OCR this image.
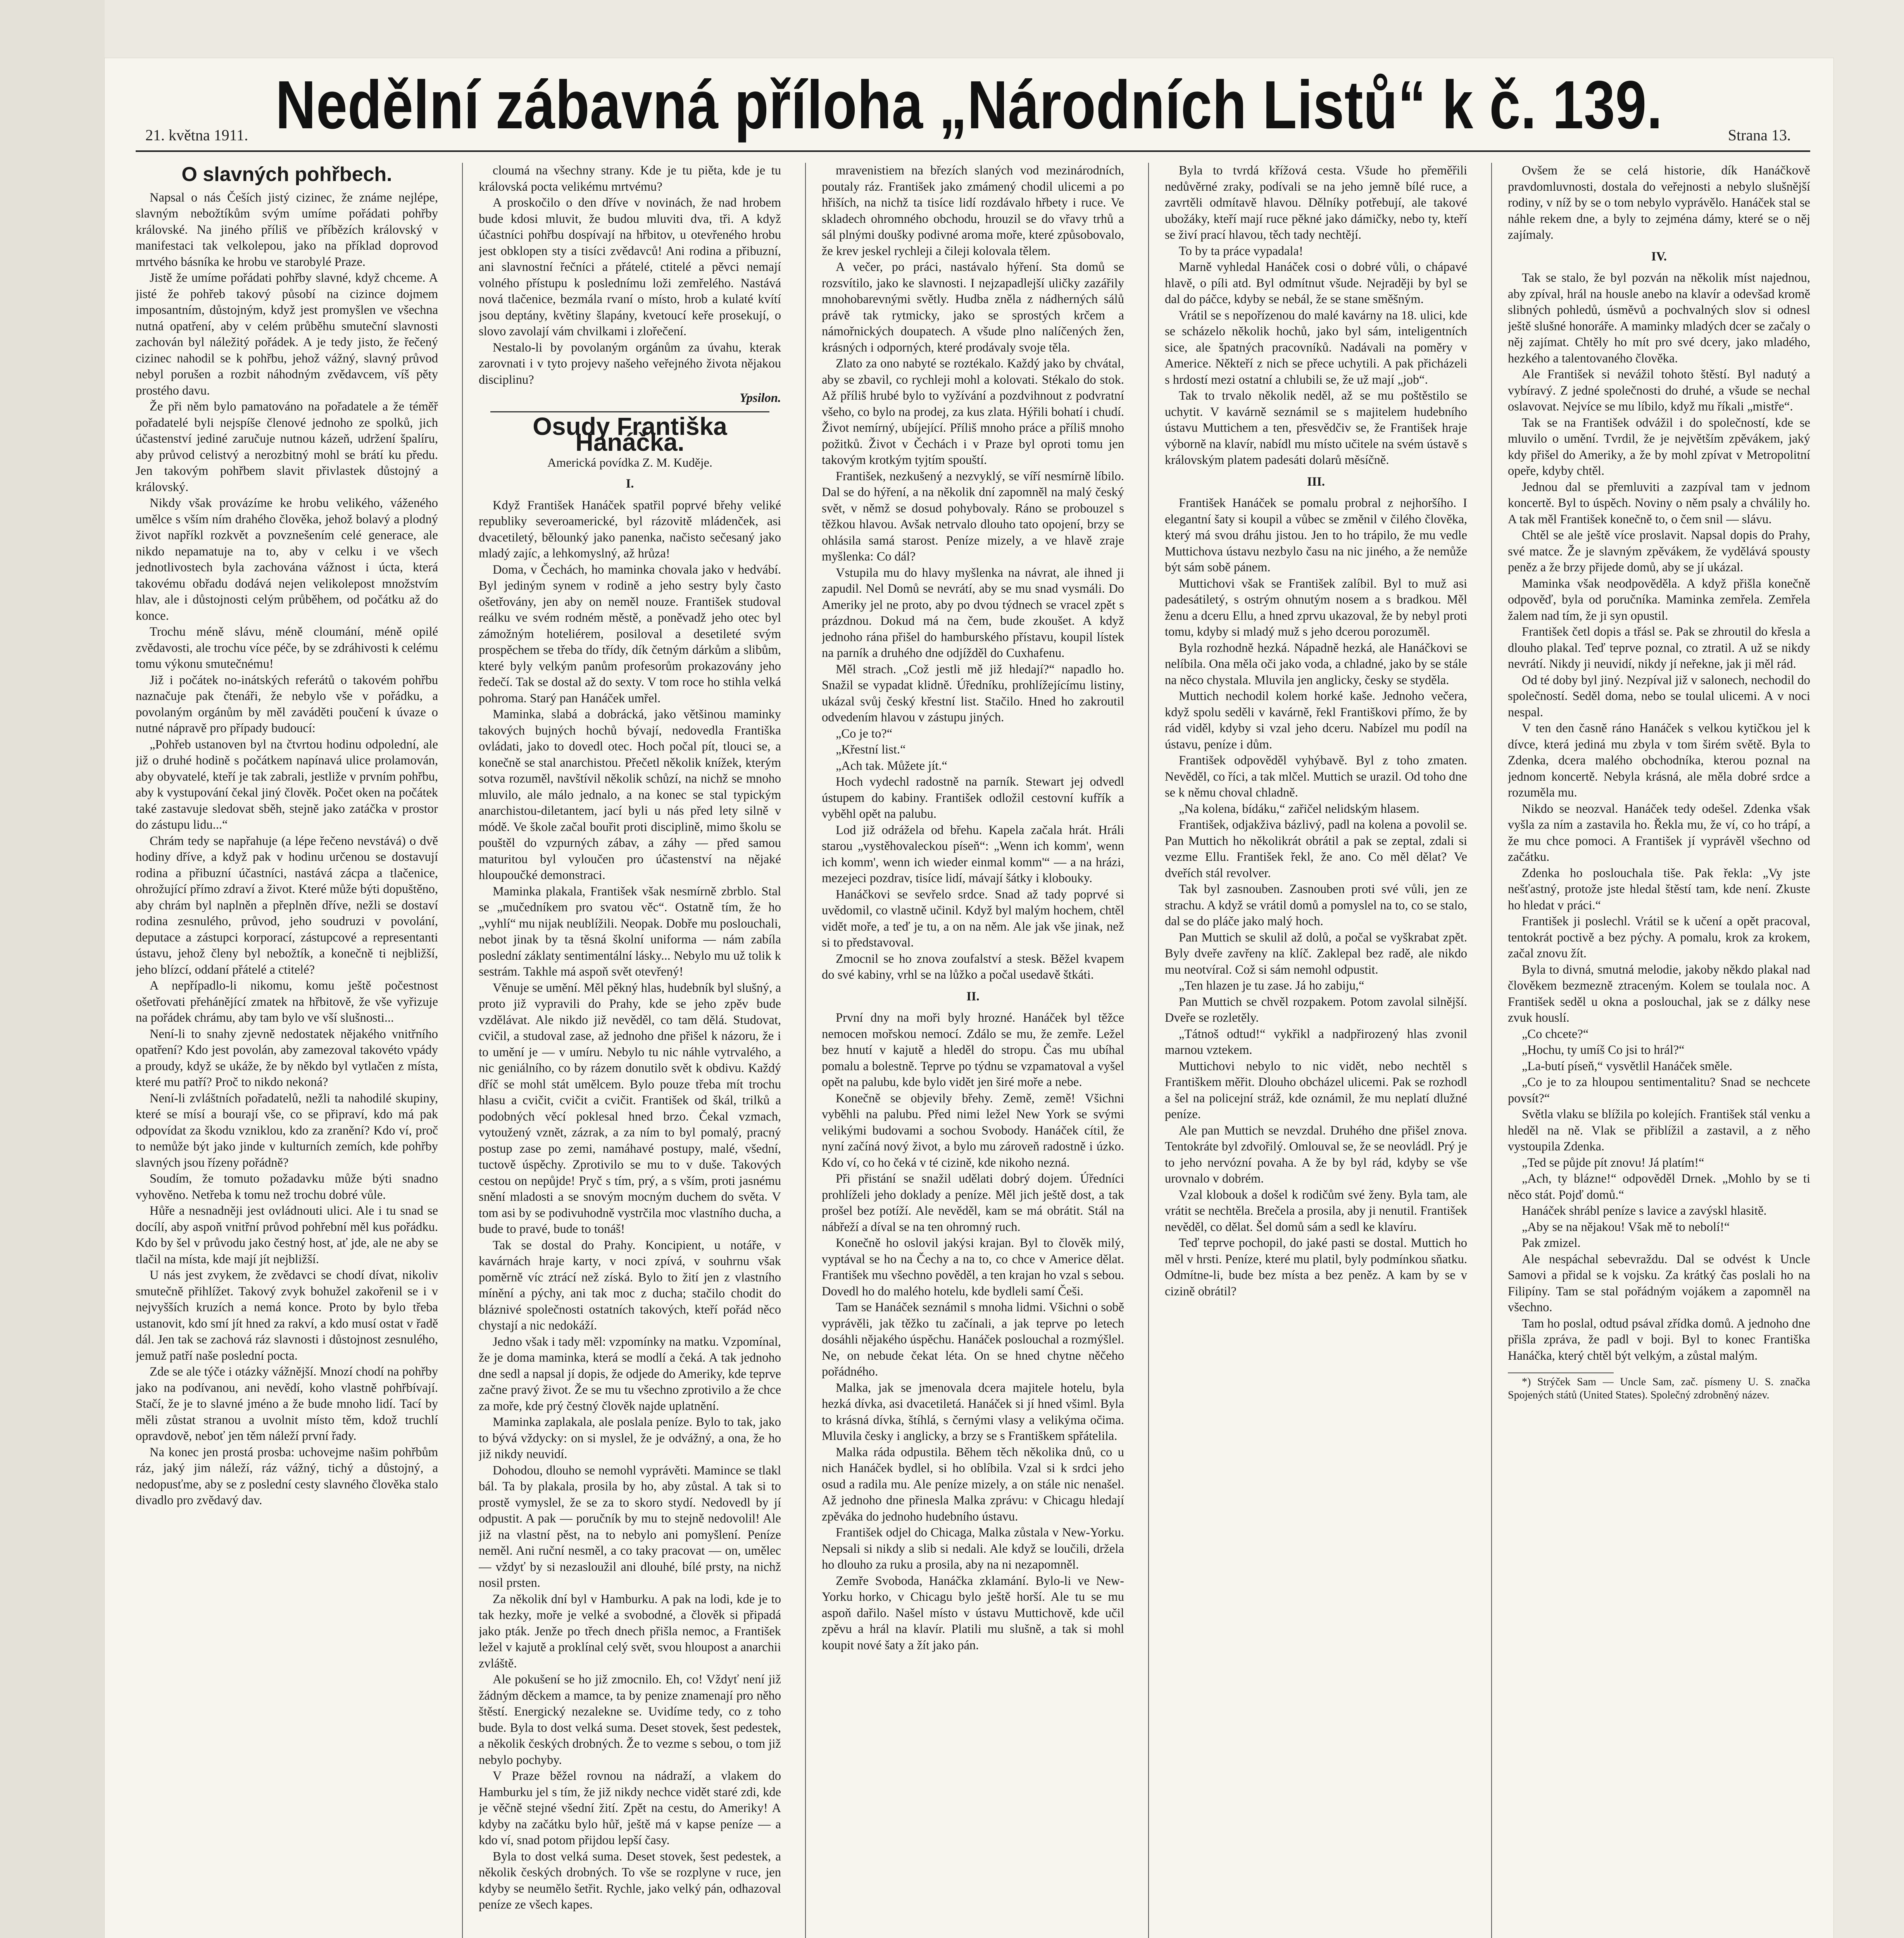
21. května 1911. Nedělní zábavná příloha „Národních Listů“ k č. 139.	Strana 13.
O slavných pohřbech.

Napsal o nás Češích jistý cizinec, že známe nejlépe, slavným nebožtíkům svým umíme pořádati pohřby královské. Na jiného příliš ve příbězích královský v manifestaci tak velkolepou, jako na příklad doprovod mrtvého básníka ke hrobu ve starobylé Praze.

Jistě že umíme pořádati pohřby slavné, když chceme. A jisté že pohřeb takový působí na cizince dojmem imposantním, důstojným, když jest promyšlen ve všechna nutná opatření, aby v celém průběhu smuteční slavnosti zachován byl náležitý pořádek. A je tedy jisto, že řečený cizinec nahodil se k pohřbu, jehož vážný, slavný průvod nebyl porušen a rozbit náhodným zvědavcem, víš pěty prostého davu.

Že při něm bylo pamatováno na pořadatele a že téměř pořadatelé byli nejspíše členové jednoho ze spolků, jich účastenství jediné zaručuje nutnou kázeň, udržení špalíru, aby průvod celistvý a nerozbitný mohl se brátí ku předu. Jen takovým pohřbem slavit přivlastek důstojný a královský.

Nikdy však provázíme ke hrobu velikého, váženého umělce s vším ním drahého člověka, jehož bolavý a plodný život napříkl rozkvět a povznešením celé generace, ale nikdo nepamatuje na to, aby v celku i ve všech jednotlivostech byla zachována vážnost i úcta, která takovému obřadu dodává nejen velikolepost množstvím hlav, ale i důstojnosti celým průběhem, od počátku až do konce.

Trochu méně slávu, méně cloumání, méně opilé zvědavosti, ale trochu více péče, by se zdráhivosti k celému tomu výkonu smutečnému!

Již i počátek no-inátských referátů o takovém pohřbu naznačuje pak čtenáři, že nebylo vše v pořádku, a povolaným orgánům by měl zaváděti poučení k úvaze o nutné nápravě pro případy budoucí:

„Pohřeb ustanoven byl na čtvrtou hodinu odpolední, ale již o druhé hodině s počátkem napínavá ulice prolamován, aby obyvatelé, kteří je tak zabrali, jestliže v prvním pohřbu, aby k vystupování čekal jiný člověk. Počet oken na počátek také zastavuje sledovat sběh, stejně jako zatáčka v prostor do zástupu lidu...“

Chrám tedy se napřahuje (a lépe řečeno nevstává) o dvě hodiny dříve, a když pak v hodinu určenou se dostavují rodina a přibuzní účastníci, nastává zácpa a tlačenice, ohrožující přímo zdraví a život. Které může býti dopuštěno, aby chrám byl naplněn a přeplněn dříve, nežli se dostaví rodina zesnulého, průvod, jeho soudruzi v povolání, deputace a zástupci korporací, zástupcové a representanti ústavu, jehož členy byl nebožtík, a konečně ti nejbližší, jeho blízcí, oddaní přátelé a ctitelé?

A nepřípadlo-li nikomu, komu ještě počestnost ošetřovati přehánějící zmatek na hřbitově, že vše vyřizuje na pořádek chrámu, aby tam bylo ve vší slušnosti...

Není-li to snahy zjevně nedostatek nějakého vnitřního opatření? Kdo jest povolán, aby zamezoval takovéto vpády a proudy, když se ukáže, že by někdo byl vytlačen z místa, které mu patří? Proč to nikdo nekoná?

Není-li zvláštních pořadatelů, nežli ta nahodilé skupiny, které se mísí a bourají vše, co se připraví, kdo má pak odpovídat za škodu vzniklou, kdo za zranění? Kdo ví, proč to nemůže být jako jinde v kulturních zemích, kde pohřby slavných jsou řízeny pořádně?

Soudím, že tomuto požadavku může býti snadno vyhověno. Netřeba k tomu než trochu dobré vůle.

Hůře a nesnadněji jest ovládnouti ulici. Ale i tu snad se docílí, aby aspoň vnitřní průvod pohřební měl kus pořádku. Kdo by šel v průvodu jako čestný host, ať jde, ale ne aby se tlačil na místa, kde mají jít nejbližší.

U nás jest zvykem, že zvědavci se chodí dívat, nikoliv smutečně přihlížet. Takový zvyk bohužel zakořenil se i v nejvyšších kruzích a nemá konce. Proto by bylo třeba ustanovit, kdo smí jít hned za rakví, a kdo musí ostat v řadě dál. Jen tak se zachová ráz slavnosti i důstojnost zesnulého, jemuž patří naše poslední pocta.

Zde se ale týče i otázky vážnější. Mnozí chodí na pohřby jako na podívanou, ani nevědí, koho vlastně pohřbívají. Stačí, že je to slavné jméno a že bude mnoho lidí. Tací by měli zůstat stranou a uvolnit místo těm, kdož truchlí opravdově, neboť jen těm náleží první řady.

Na konec jen prostá prosba: uchovejme našim pohřbům ráz, jaký jim náleží, ráz vážný, tichý a důstojný, a nedopusťme, aby se z poslední cesty slavného člověka stalo divadlo pro zvědavý dav.

cloumá na všechny strany. Kde je tu piěta, kde je tu královská pocta velikému mrtvému?

A proskočilo o den dříve v novinách, že nad hrobem bude kdosi mluvit, že budou mluviti dva, tři. A když účastníci pohřbu dospívají na hřbitov, u otevřeného hrobu jest obklopen sty a tisíci zvědavců! Ani rodina a přibuzní, ani slavnostní řečníci a přátelé, ctitelé a pěvci nemají volného přístupu k poslednímu loži zemřelého. Nastává nová tlačenice, bezmála rvaní o místo, hrob a kulaté kvítí jsou deptány, květiny šlapány, kvetoucí keře prosekují, o slovo zavolají vám chvilkami i zlořečení.

Nestalo-li by povolaným orgánům za úvahu, kterak zarovnati i v tyto projevy našeho veřejného života nějakou disciplinu?

Ypsilon.
Osudy Františka Hanáčka.
Americká povídka Z. M. Kuděje.
I.

Když František Hanáček spatřil poprvé břehy veliké republiky severoamerické, byl rázovitě mládenček, asi dvacetiletý, bělounký jako panenka, načisto sečesaný jako mladý zajíc, a lehkomyslný, až hrůza!

Doma, v Čechách, ho maminka chovala jako v hedvábí. Byl jediným synem v rodině a jeho sestry byly často ošetřovány, jen aby on neměl nouze. František studoval reálku ve svém rodném městě, a poněvadž jeho otec byl zámožným hoteliérem, posiloval a desetileté svým prospěchem se třeba do třídy, dík četným dárkům a slibům, které byly velkým panům profesorům prokazovány jeho ředečí. Tak se dostal až do sexty. V tom roce ho stihla velká pohroma. Starý pan Hanáček umřel.

Maminka, slabá a dobrácká, jako většinou maminky takových bujných hochů bývají, nedovedla Františka ovládati, jako to dovedl otec. Hoch počal pít, tlouci se, a konečně se stal anarchistou. Přečetl několik knížek, kterým sotva rozuměl, navštívil několik schůzí, na nichž se mnoho mluvilo, ale málo jednalo, a na konec se stal typickým anarchistou-diletantem, jací byli u nás před lety silně v módě. Ve škole začal bouřit proti disciplině, mimo školu se pouštěl do vzpurných zábav, a záhy — před samou maturitou byl vyloučen pro účastenství na nějaké hloupoučké demonstraci.

Maminka plakala, František však nesmírně zbrblo. Stal se „mučedníkem pro svatou věc“. Ostatně tím, že ho „vyhlí“ mu nijak neublížili. Neopak. Dobře mu poslouchali, nebot jinak by ta těsná školní uniforma — nám zabíla poslední záklaty sentimentální lásky... Nebylo mu už tolik k sestrám. Takhle má aspoň svět otevřený!

Věnuje se umění. Měl pěkný hlas, hudebník byl slušný, a proto již vypravili do Prahy, kde se jeho zpěv bude vzdělávat. Ale nikdo již nevěděl, co tam dělá. Studovat, cvičil, a studoval zase, až jednoho dne přišel k názoru, že i to umění je — v umíru. Nebylo tu nic náhle vytrvalého, a nic geniálního, co by rázem donutilo svět k obdivu. Každý dříč se mohl stát umělcem. Bylo pouze třeba mít trochu hlasu a cvičit, cvičit a cvičit. František od škál, trilků a podobných věcí poklesal hned brzo. Čekal vzmach, vytoužený vznět, zázrak, a za ním to byl pomalý, pracný postup zase po zemi, namáhavé postupy, malé, všední, tuctově úspěchy. Zprotivilo se mu to v duše. Takových cestou on nepůjde! Pryč s tím, prý, a s vším, proti jasnému snění mladosti a se snovým mocným duchem do světa. V tom asi by se podivuhodně vystrčila moc vlastního ducha, a bude to pravé, bude to tonáš!

Tak se dostal do Prahy. Koncipient, u notáře, v kavárnách hraje karty, v noci zpívá, v souhrnu však poměrně víc ztrácí než získá. Bylo to žití jen z vlastního mínění a pýchy, ani tak moc z ducha; stačilo chodit do bláznivé společnosti ostatních takových, kteří pořád něco chystají a nic nedokáží.

Jedno však i tady měl: vzpomínky na matku. Vzpomínal, že je doma maminka, která se modlí a čeká. A tak jednoho dne sedl a napsal jí dopis, že odjede do Ameriky, kde teprve začne pravý život. Že se mu tu všechno zprotivilo a že chce za moře, kde prý čestný člověk najde uplatnění.

Maminka zaplakala, ale poslala peníze. Bylo to tak, jako to bývá vždycky: on si myslel, že je odvážný, a ona, že ho již nikdy neuvidí.

Dohodou, dlouho se nemohl vyprávěti. Mamince se tlakl bál. Ta by plakala, prosila by ho, aby zůstal. A tak si to prostě vymyslel, že se za to skoro stydí. Nedovedl by jí odpustit. A pak — poručník by mu to stejně nedovolil! Ale již na vlastní pěst, na to nebylo ani pomyšlení. Peníze neměl. Ani ruční nesměl, a co taky pracovat — on, umělec — vždyť by si nezasloužil ani dlouhé, bílé prsty, na nichž nosil prsten.

Za několik dní byl v Hamburku. A pak na lodi, kde je to tak hezky, moře je velké a svobodné, a člověk si připadá jako pták. Jenže po třech dnech přišla nemoc, a František ležel v kajutě a proklínal celý svět, svou hloupost a anarchii zvláště.

Ale pokušení se ho již zmocnilo. Eh, co! Vždyť není již žádným děckem a mamce, ta by penize znamenají pro něho štěstí. Energický nezalekne se. Uvidíme tedy, co z toho bude. Byla to dost velká suma. Deset stovek, šest pedestek, a několik českých drobných. Že to vezme s sebou, o tom již nebylo pochyby.

V Praze běžel rovnou na nádraží, a vlakem do Hamburku jel s tím, že již nikdy nechce vidět staré zdi, kde je věčně stejné všední žití. Zpět na cestu, do Ameriky! A kdyby na začátku bylo hůř, ještě má v kapse peníze — a kdo ví, snad potom přijdou lepší časy.

Byla to dost velká suma. Deset stovek, šest pedestek, a několik českých drobných. To vše se rozplyne v ruce, jen kdyby se neumělo šetřit. Rychle, jako velký pán, odhazoval peníze ze všech kapes.

mravenistiem na březích slaných vod mezinárodních, poutaly ráz. František jako zmámený chodil ulicemi a po hřiších, na nichž ta tisíce lidí rozdávalo hřbety i ruce. Ve skladech ohromného obchodu, hrouzil se do vřavy trhů a sál plnými doušky podivné aroma moře, které způsobovalo, že krev jeskel rychleji a čileji kolovala tělem.

A večer, po práci, nastávalo hýření. Sta domů se rozsvítilo, jako ke slavnosti. I nejzapadlejší uličky zazářily mnohobarevnými světly. Hudba zněla z nádherných sálů právě tak rytmicky, jako se sprostých krčem a námořnických doupatech. A všude plno nalíčených žen, krásných i odporných, které prodávaly svoje těla.

Zlato za ono nabyté se roztékalo. Každý jako by chvátal, aby se zbavil, co rychleji mohl a kolovati. Stékalo do stok. Až příliš hrubé bylo to vyžívání a pozdvihnout z podvratní všeho, co bylo na prodej, za kus zlata. Hýřili bohatí i chudí. Život nemírný, ubíjející. Příliš mnoho práce a příliš mnoho požitků. Život v Čechách i v Praze byl oproti tomu jen takovým krotkým tyjtím spouští.

František, nezkušený a nezvyklý, se víří nesmírně líbilo. Dal se do hýření, a na několik dní zapomněl na malý český svět, v němž se dosud pohybovaly. Ráno se probouzel s těžkou hlavou. Avšak netrvalo dlouho tato opojení, brzy se ohlásila samá starost. Peníze mizely, a ve hlavě zraje myšlenka: Co dál?

Vstupila mu do hlavy myšlenka na návrat, ale ihned ji zapudil. Nel Domů se nevrátí, aby se mu snad vysmáli. Do Ameriky jel ne proto, aby po dvou týdnech se vracel zpět s prázdnou. Dokud má na čem, bude zkoušet. A když jednoho rána přišel do hamburského přístavu, koupil lístek na parník a druhého dne odjížděl do Cuxhafenu.

Měl strach. „Což jestli mě již hledají?“ napadlo ho. Snažil se vypadat klidně. Úředníku, prohlížejícímu listiny, ukázal svůj český křestní list. Stačilo. Hned ho zakroutil odvedením hlavou v zástupu jiných.

„Co je to?“

„Křestní list.“

„Ach tak. Můžete jít.“

Hoch vydechl radostně na parník. Stewart jej odvedl ústupem do kabiny. František odložil cestovní kufřík a vyběhl opět na palubu.

Lod již odrážela od břehu. Kapela začala hrát. Hráli starou „vystěhovaleckou píseň“: „Wenn ich komm', wenn ich komm', wenn ich wieder einmal komm'“ — a na hrázi, mezejeci pozdrav, tisíce lidí, mávají šátky i klobouky.

Hanáčkovi se sevřelo srdce. Snad až tady poprvé si uvědomil, co vlastně učinil. Když byl malým hochem, chtěl vidět moře, a teď je tu, a on na něm. Ale jak vše jinak, než si to představoval.

Zmocnil se ho znova zoufalství a stesk. Běžel kvapem do své kabiny, vrhl se na lůžko a počal usedavě štkáti.

II.

První dny na moři byly hrozné. Hanáček byl těžce nemocen mořskou nemocí. Zdálo se mu, že zemře. Ležel bez hnutí v kajutě a hleděl do stropu. Čas mu ubíhal pomalu a bolestně. Teprve po týdnu se vzpamatoval a vyšel opět na palubu, kde bylo vidět jen širé moře a nebe.

Konečně se objevily břehy. Země, země! Všichni vyběhli na palubu. Před nimi ležel New York se svými velikými budovami a sochou Svobody. Hanáček cítil, že nyní začíná nový život, a bylo mu zároveň radostně i úzko. Kdo ví, co ho čeká v té cizině, kde nikoho nezná.

Při přistání se snažil udělati dobrý dojem. Úředníci prohlíželi jeho doklady a peníze. Měl jich ještě dost, a tak prošel bez potíží. Ale nevěděl, kam se má obrátit. Stál na nábřeží a díval se na ten ohromný ruch.

Konečně ho oslovil jakýsi krajan. Byl to člověk milý, vyptával se ho na Čechy a na to, co chce v Americe dělat. František mu všechno pověděl, a ten krajan ho vzal s sebou. Dovedl ho do malého hotelu, kde bydleli samí Češi.

Tam se Hanáček seznámil s mnoha lidmi. Všichni o sobě vyprávěli, jak těžko tu začínali, a jak teprve po letech dosáhli nějakého úspěchu. Hanáček poslouchal a rozmýšlel. Ne, on nebude čekat léta. On se hned chytne něčeho pořádného.

Malka, jak se jmenovala dcera majitele hotelu, byla hezká dívka, asi dvacetiletá. Hanáček si jí hned všiml. Byla to krásná dívka, štíhlá, s černými vlasy a velikýma očima. Mluvila česky i anglicky, a brzy se s Františkem spřátelila.

Malka ráda odpustila. Během těch několika dnů, co u nich Hanáček bydlel, si ho oblíbila. Vzal si k srdci jeho osud a radila mu. Ale peníze mizely, a on stále nic nenašel. Až jednoho dne přinesla Malka zprávu: v Chicagu hledají zpěváka do jednoho hudebního ústavu.

František odjel do Chicaga, Malka zůstala v New-Yorku. Nepsali si nikdy a slib si nedali. Ale když se loučili, držela ho dlouho za ruku a prosila, aby na ni nezapomněl.

Zemře Svoboda, Hanáčka zklamání. Bylo-li ve New-Yorku horko, v Chicagu bylo ještě horší. Ale tu se mu aspoň dařilo. Našel místo v ústavu Muttichově, kde učil zpěvu a hrál na klavír. Platili mu slušně, a tak si mohl koupit nové šaty a žít jako pán.

Byla to tvrdá křížová cesta. Všude ho přeměřili nedůvěrné zraky, podívali se na jeho jemně bílé ruce, a zavrtěli odmítavě hlavou. Dělníky potřebují, ale takové ubožáky, kteří mají ruce pěkné jako dámičky, nebo ty, kteří se živí prací hlavou, těch tady nechtějí.

To by ta práce vypadala!

Marně vyhledal Hanáček cosi o dobré vůli, o chápavé hlavě, o píli atd. Byl odmítnut všude. Nejraději by byl se dal do páčce, kdyby se nebál, že se stane směšným.

Vrátil se s nepořízenou do malé kavárny na 18. ulici, kde se scházelo několik hochů, jako byl sám, inteligentních sice, ale špatných pracovníků. Nadávali na poměry v Americe. Někteří z nich se přece uchytili. A pak přicházeli s hrdostí mezi ostatní a chlubili se, že už mají „job“.

Tak to trvalo několik neděl, až se mu poštěstilo se uchytit. V kavárně seznámil se s majitelem hudebního ústavu Muttichem a ten, přesvědčiv se, že František hraje výborně na klavír, nabídl mu místo učitele na svém ústavě s královským platem padesáti dolarů měsíčně.

III.

František Hanáček se pomalu probral z nejhoršího. I elegantní šaty si koupil a vůbec se změnil v čilého člověka, který má svou dráhu jistou. Jen to ho trápilo, že mu vedle Muttichova ústavu nezbylo času na nic jiného, a že nemůže být sám sobě pánem.

Muttichovi však se František zalíbil. Byl to muž asi padesátiletý, s ostrým ohnutým nosem a s bradkou. Měl ženu a dceru Ellu, a hned zprvu ukazoval, že by nebyl proti tomu, kdyby si mladý muž s jeho dcerou porozuměl.

Byla rozhodně hezká. Nápadně hezká, ale Hanáčkovi se nelíbila. Ona měla oči jako voda, a chladné, jako by se stále na něco chystala. Mluvila jen anglicky, česky se styděla.

Muttich nechodil kolem horké kaše. Jednoho večera, když spolu seděli v kavárně, řekl Františkovi přímo, že by rád viděl, kdyby si vzal jeho dceru. Nabízel mu podíl na ústavu, peníze i dům.

František odpověděl vyhýbavě. Byl z toho zmaten. Nevěděl, co říci, a tak mlčel. Muttich se urazil. Od toho dne se k němu choval chladně.

„Na kolena, bídáku,“ zařičel nelidským hlasem.

František, odjakživa bázlivý, padl na kolena a povolil se. Pan Muttich ho několikrát obrátil a pak se zeptal, zdali si vezme Ellu. František řekl, že ano. Co měl dělat? Ve dveřích stál revolver.

Tak byl zasnouben. Zasnouben proti své vůli, jen ze strachu. A když se vrátil domů a pomyslel na to, co se stalo, dal se do pláče jako malý hoch.

Pan Muttich se skulil až dolů, a počal se vyškrabat zpět. Byly dveře zavřeny na klíč. Zaklepal bez radě, ale nikdo mu neotvíral. Což si sám nemohl odpustit.

„Ten hlazen je tu zase. Já ho zabiju,“

Pan Muttich se chvěl rozpakem. Potom zavolal silnější. Dveře se rozletěly.

„Tátnoš odtud!“ vykřikl a nadpřirozený hlas zvonil marnou vztekem.

Muttichovi nebylo to nic vidět, nebo nechtěl s Františkem měřit. Dlouho obcházel ulicemi. Pak se rozhodl a šel na policejní stráž, kde oznámil, že mu neplatí dlužné peníze.

Ale pan Muttich se nevzdal. Druhého dne přišel znova. Tentokráte byl zdvořilý. Omlouval se, že se neovládl. Prý je to jeho nervózní povaha. A že by byl rád, kdyby se vše urovnalo v dobrém.

Vzal klobouk a došel k rodičům své ženy. Byla tam, ale vrátit se nechtěla. Brečela a prosila, aby ji nenutil. František nevěděl, co dělat. Šel domů sám a sedl ke klavíru.

Teď teprve pochopil, do jaké pasti se dostal. Muttich ho měl v hrsti. Peníze, které mu platil, byly podmínkou sňatku. Odmítne-li, bude bez místa a bez peněz. A kam by se v cizině obrátil?

Ovšem že se celá historie, dík Hanáčkově pravdomluvnosti, dostala do veřejnosti a nebylo slušnější rodiny, v níž by se o tom nebylo vyprávělo. Hanáček stal se náhle rekem dne, a byly to zejména dámy, které se o něj zajímaly.

IV.

Tak se stalo, že byl pozván na několik míst najednou, aby zpíval, hrál na housle anebo na klavír a odevšad kromě slibných pohledů, úsměvů a pochvalných slov si odnesl ještě slušné honoráře. A maminky mladých dcer se začaly o něj zajímat. Chtěly ho mít pro své dcery, jako mladého, hezkého a talentovaného člověka.

Ale František si nevážil tohoto štěstí. Byl nadutý a vybíravý. Z jedné společnosti do druhé, a všude se nechal oslavovat. Nejvíce se mu líbilo, když mu říkali „mistře“.

Tak se na František odvážil i do společností, kde se mluvilo o umění. Tvrdil, že je největším zpěvákem, jaký kdy přišel do Ameriky, a že by mohl zpívat v Metropolitní opeře, kdyby chtěl.

Jednou dal se přemluviti a zazpíval tam v jednom koncertě. Byl to úspěch. Noviny o něm psaly a chválily ho. A tak měl František konečně to, o čem snil — slávu.

Chtěl se ale ještě více proslavit. Napsal dopis do Prahy, své matce. Že je slavným zpěvákem, že vydělává spousty peněz a že brzy přijede domů, aby se jí ukázal.

Maminka však neodpověděla. A když přišla konečně odpověď, byla od poručníka. Maminka zemřela. Zemřela žalem nad tím, že ji syn opustil.

František četl dopis a třásl se. Pak se zhroutil do křesla a dlouho plakal. Teď teprve poznal, co ztratil. A už se nikdy nevrátí. Nikdy ji neuvidí, nikdy jí neřekne, jak ji měl rád.

Od té doby byl jiný. Nezpíval již v salonech, nechodil do společností. Seděl doma, nebo se toulal ulicemi. A v noci nespal.

V ten den časně ráno Hanáček s velkou kytičkou jel k dívce, která jediná mu zbyla v tom širém světě. Byla to Zdenka, dcera malého obchodníka, kterou poznal na jednom koncertě. Nebyla krásná, ale měla dobré srdce a rozuměla mu.

Nikdo se neozval. Hanáček tedy odešel. Zdenka však vyšla za ním a zastavila ho. Řekla mu, že ví, co ho trápí, a že mu chce pomoci. A František jí vyprávěl všechno od začátku.

Zdenka ho poslouchala tiše. Pak řekla: „Vy jste nešťastný, protože jste hledal štěstí tam, kde není. Zkuste ho hledat v práci.“

František ji poslechl. Vrátil se k učení a opět pracoval, tentokrát poctivě a bez pýchy. A pomalu, krok za krokem, začal znovu žít.

Byla to divná, smutná melodie, jakoby někdo plakal nad člověkem bezmezně ztraceným. Kolem se toulala noc. A František seděl u okna a poslouchal, jak se z dálky nese zvuk houslí.

„Co chcete?“

„Hochu, ty umíš Co jsi to hrál?“

„La-butí píseň,“ vysvětlil Hanáček směle.

„Co je to za hloupou sentimentalitu? Snad se nechcete povsít?“

Světla vlaku se blížila po kolejích. František stál venku a hleděl na ně. Vlak se přiblížil a zastavil, a z něho vystoupila Zdenka.

„Ted se půjde pít znovu! Já platím!“

„Ach, ty blázne!“ odpověděl Drnek. „Mohlo by se ti něco stát. Pojď domů.“

Hanáček shrábl peníze s lavice a zavýskl hlasitě.

„Aby se na nějakou! Však mě to nebolí!“

Pak zmizel.

Ale nespáchal sebevraždu. Dal se odvést k Uncle Samovi a přidal se k vojsku. Za krátký čas poslali ho na Filipíny. Tam se stal pořádným vojákem a zapomněl na všechno.

Tam ho poslal, odtud psával zřídka domů. A jednoho dne přišla zpráva, že padl v boji. Byl to konec Františka Hanáčka, který chtěl být velkým, a zůstal malým.

*) Strýček Sam — Uncle Sam, zač. písmeny U. S. značka Spojených států (United States). Společný zdrobněný název.
